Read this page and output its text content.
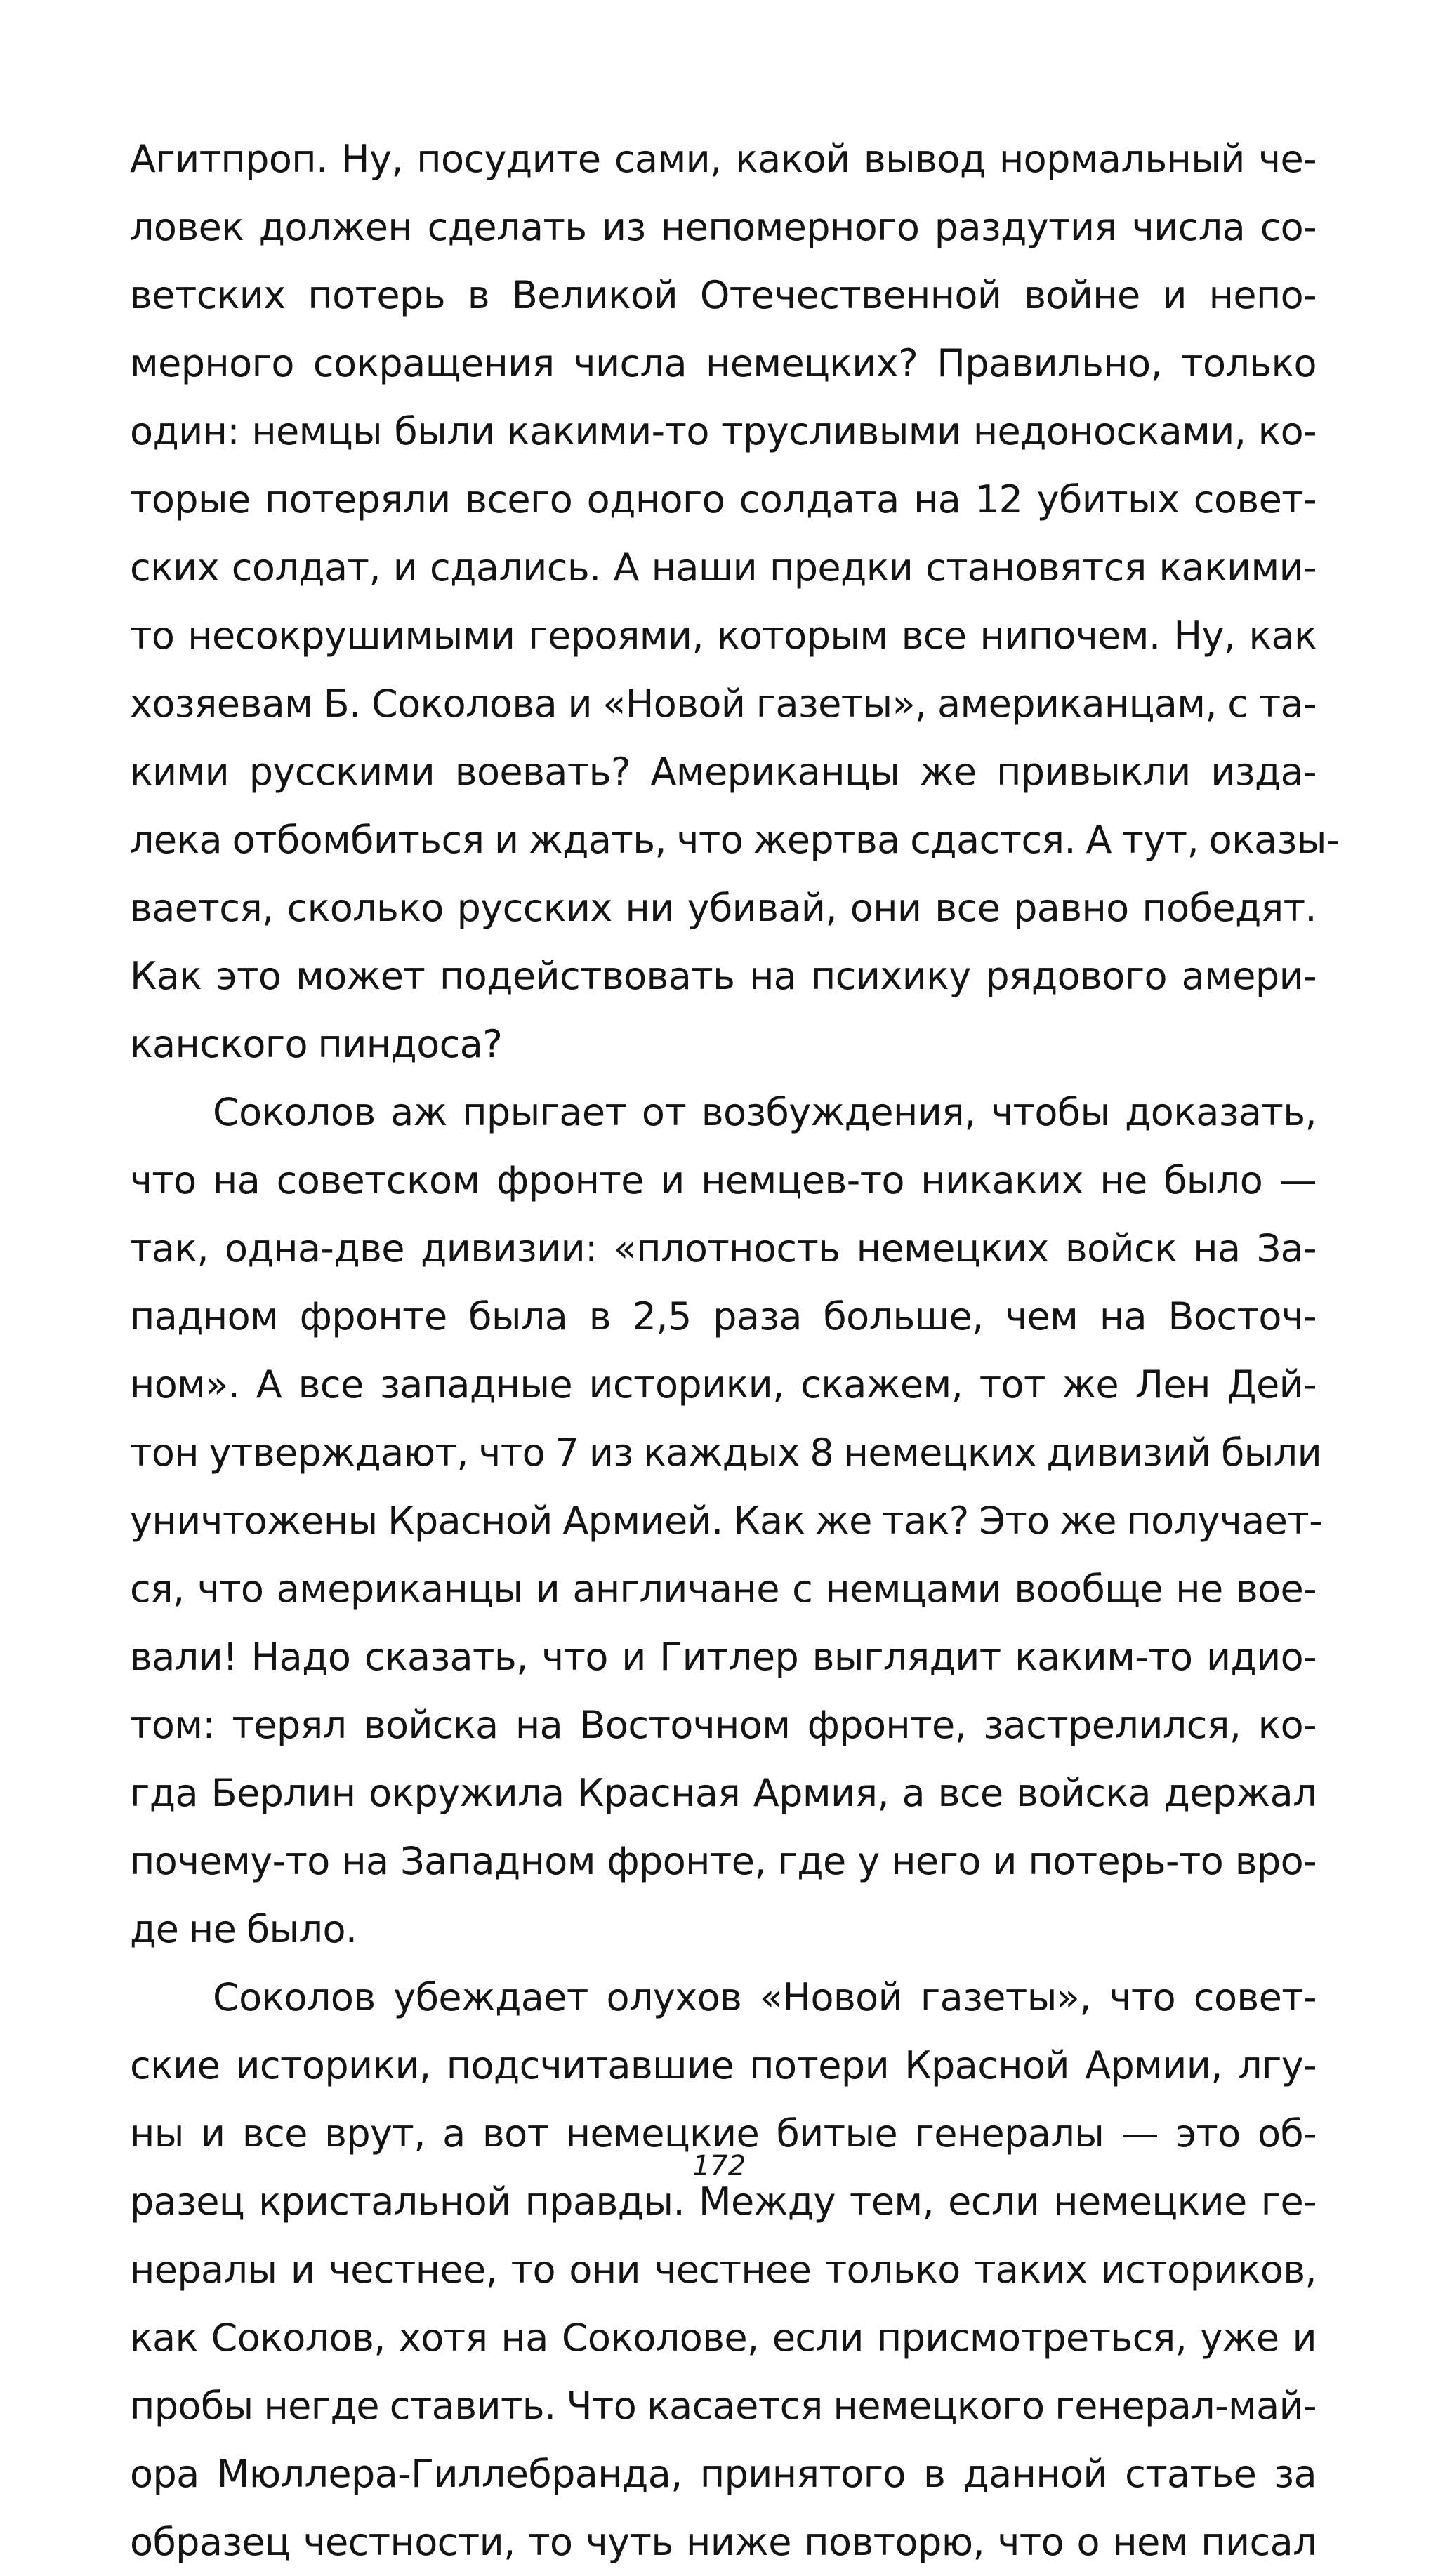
Агитпроп. Ну, посудите сами, какой вывод нормальный че-
ловек должен сделать из непомерного раздутия числа со-
ветских потерь в Великой Отечественной войне и непо-
мерного сокращения числа немецких? Правильно, только
один: немцы были какими-то трусливыми недоносками, ко-
торые потеряли всего одного солдата на 12 убитых совет-
ских солдат, и сдались. А наши предки становятся какими-
то несокрушимыми героями, которым все нипочем. Ну, как
хозяевам Б. Соколова и «Новой газеты», американцам, с та-
кими русскими воевать? Американцы же привыкли изда-
лека отбомбиться и ждать, что жертва сдастся. А тут, оказы-
вается, сколько русских ни убивай, они все равно победят.
Как это может подействовать на психику рядового амери-
канского пиндоса?
Соколов аж прыгает от возбуждения, чтобы доказать,
что на советском фронте и немцев-то никаких не было —
так, одна-две дивизии: «плотность немецких войск на За-
падном фронте была в 2,5 раза больше, чем на Восточ-
ном». А все западные историки, скажем, тот же Лен Дей-
тон утверждают, что 7 из каждых 8 немецких дивизий были
уничтожены Красной Армией. Как же так? Это же получает-
ся, что американцы и англичане с немцами вообще не вое-
вали! Надо сказать, что и Гитлер выглядит каким-то идио-
том: терял войска на Восточном фронте, застрелился, ко-
гда Берлин окружила Красная Армия, а все войска держал
почему-то на Западном фронте, где у него и потерь-то вро-
де не было.
Соколов убеждает олухов «Новой газеты», что совет-
ские историки, подсчитавшие потери Красной Армии, лгу-
ны и все врут, а вот немецкие битые генералы — это об-
разец кристальной правды. Между тем, если немецкие ге-
нералы и честнее, то они честнее только таких историков,
как Соколов, хотя на Соколове, если присмотреться, уже и
пробы негде ставить. Что касается немецкого генерал-май-
ора Мюллера-Гиллебранда, принятого в данной статье за
образец честности, то чуть ниже повторю, что о нем писал
172
